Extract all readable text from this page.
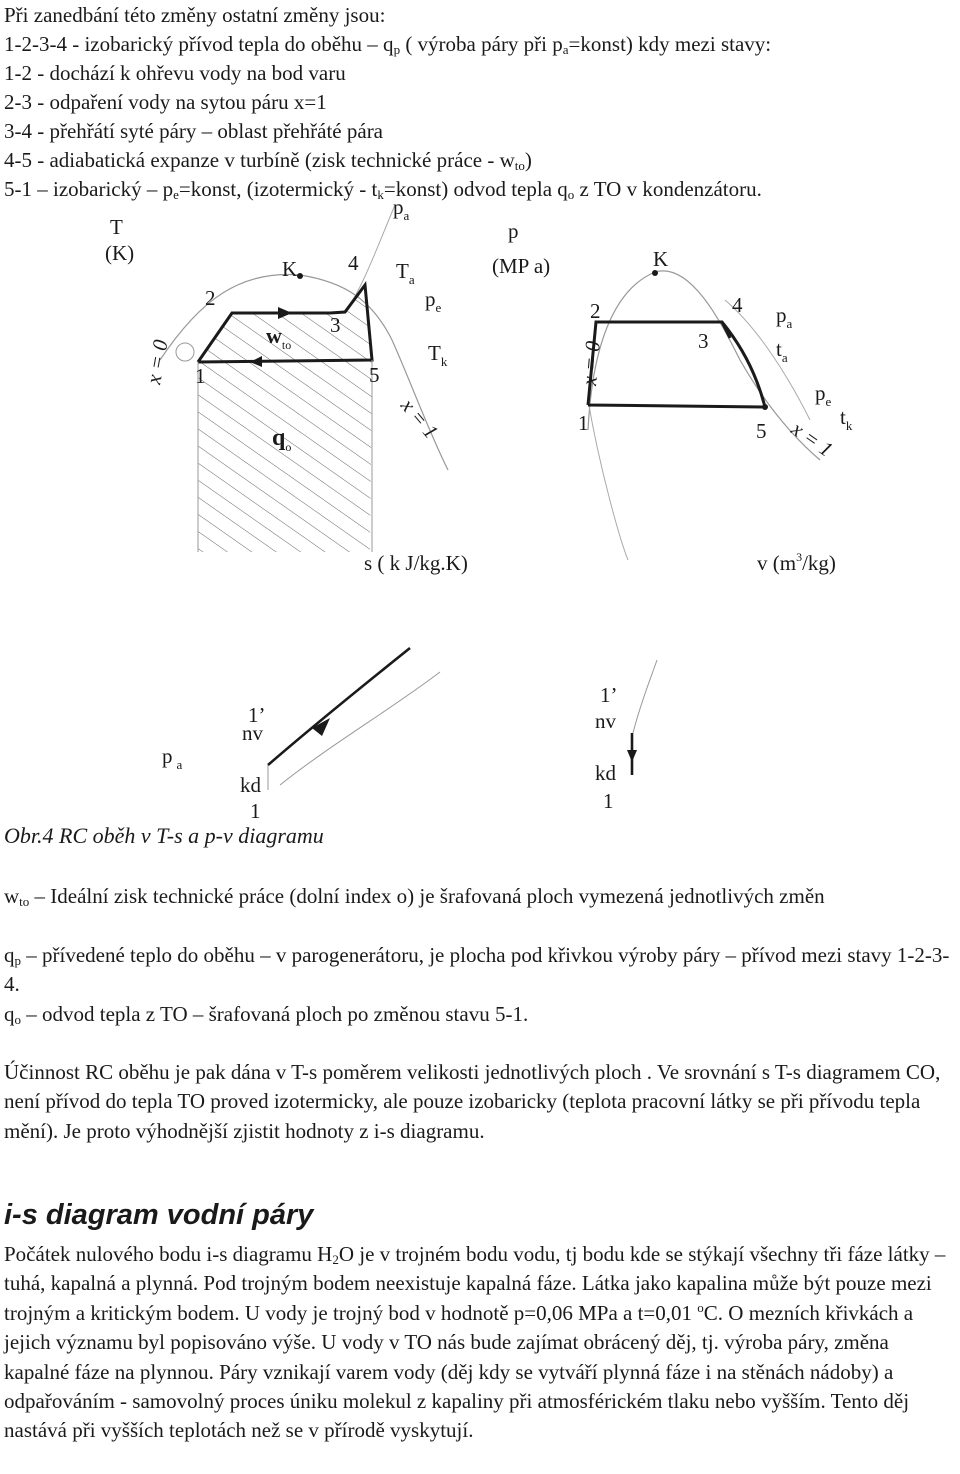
Při zanedbání této změny ostatní změny jsou:
1-2-3-4 - izobarický přívod tepla do oběhu – $q_p$ ( výroba páry při $p_a=konst$) kdy mezi stavy:
1-2 - dochází k ohřevu vody na bod varu
2-3 - odpaření vody na sytou páru x=1
3-4 - přehřátí syté páry – oblast přehřáté pára
4-5 - adiabatická expanze v turbíně (zisk technické práce - $w_{to}$)
5-1 – izobarický – $p_e=konst$, (izotermický - $t_k=konst$) odvod tepla $q_o$ z TO v kondenzátoru.
T
(K)
$p_a$
K 4 $T_a$
2	$p_e$
3
$w_{to}$	$T_k$
1	5
x = 0
x = 1
$q_o$
s ( k J/kg.K)
p
(MP a)	K
4
2	$p_a$
3	$t_a$
x = 0
$p_e$
$t_k$
1	5 x = 1
v $(m^3/kg)$
p $_a$
1’
nv
kd
1
1’
nv
kd
1
Obr.4 RC oběh v T-s a p-v diagramu
$w_{to}$ – Ideální zisk technické práce (dolní index o) je šrafovaná ploch vymezená jednotlivých změn
$q_p$ – přívedené teplo do oběhu – v parogenerátoru, je plocha pod křivkou výroby páry – přívod mezi stavy 1-2-3-4.
$q_o$ – odvod tepla z TO – šrafovaná ploch po změnou stavu 5-1.
Účinnost RC oběhu je pak dána v T-s poměrem velikosti jednotlivých ploch . Ve srovnání s T-s diagramem CO, není přívod do tepla TO proved izotermicky, ale pouze izobaricky (teplota pracovní látky se při přívodu tepla mění). Je proto výhodnější zjistit hodnoty z i-s diagramu.
i-s diagram vodní páry
Počátek nulového bodu i-s diagramu $H_2O$ je v trojném bodu vodu, tj bodu kde se stýkají všechny tři fáze látky – tuhá, kapalná a plynná. Pod trojným bodem neexistuje kapalná fáze. Látka jako kapalina může být pouze mezi trojným a kritickým bodem. U vody je trojný bod v hodnotě p=0,06 MPa a t=0,01 $^o$C. O mezních křivkách a jejich významu byl popisováno výše. U vody v TO nás bude zajímat obrácený děj, tj. výroba páry, změna kapalné fáze na plynnou. Páry vznikají varem vody (děj kdy se vytváří plynná fáze i na stěnách nádoby) a odpařováním - samovolný proces úniku molekul z kapaliny při atmosférickém tlaku nebo vyšším. Tento děj nastává při vyšších teplotách než se v přírodě vyskytují.
